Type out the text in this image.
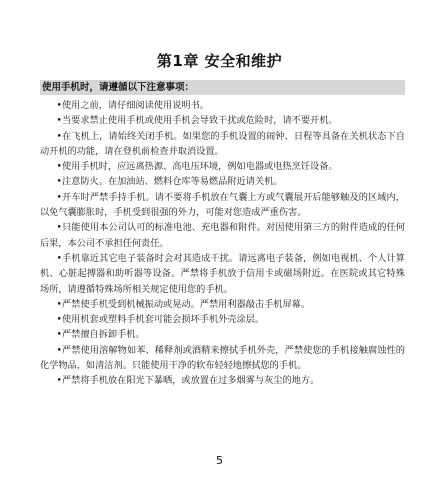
第1章 安全和维护
使用手机时，请遵循以下注意事项：

•使用之前，请仔细阅读使用说明书。

•当要求禁止使用手机或使用手机会导致干扰或危险时，请不要开机。

•在飞机上，请始终关闭手机。如果您的手机设置的闹钟、日程等具备在关机状态下自动开机的功能，请在登机前检查并取消设置。

•使用手机时，应远离热源、高电压环境，例如电器或电热烹饪设备。

•注意防火。在加油站、燃料仓库等易燃品附近请关机。

•开车时严禁手持手机。请不要将手机放在气囊上方或气囊展开后能够触及的区域内，以免气囊膨胀时，手机受到很强的外力，可能对您造成严重伤害。

•只能使用本公司认可的标准电池、充电器和附件。对因使用第三方的附件造成的任何后果，本公司不承担任何责任。

•手机靠近其它电子装备时会对其造成干扰。请远离电子装备，例如电视机、个人计算机、心脏起搏器和助听器等设备。严禁将手机放于信用卡或磁场附近。在医院或其它特殊场所，请遵循特殊场所相关规定使用您的手机。

•严禁使手机受到机械振动或晃动。严禁用利器敲击手机屏幕。

•使用机套或塑料手机套可能会损坏手机外壳涂层。

•严禁擅自拆卸手机。

•严禁使用溶解物如苯、稀释剂或酒精来擦拭手机外壳，严禁使您的手机接触腐蚀性的化学物品，如清洁剂。只能使用干净的软布轻轻地擦拭您的手机。

•严禁将手机放在阳光下暴晒，或放置在过多烟雾与灰尘的地方。

5
